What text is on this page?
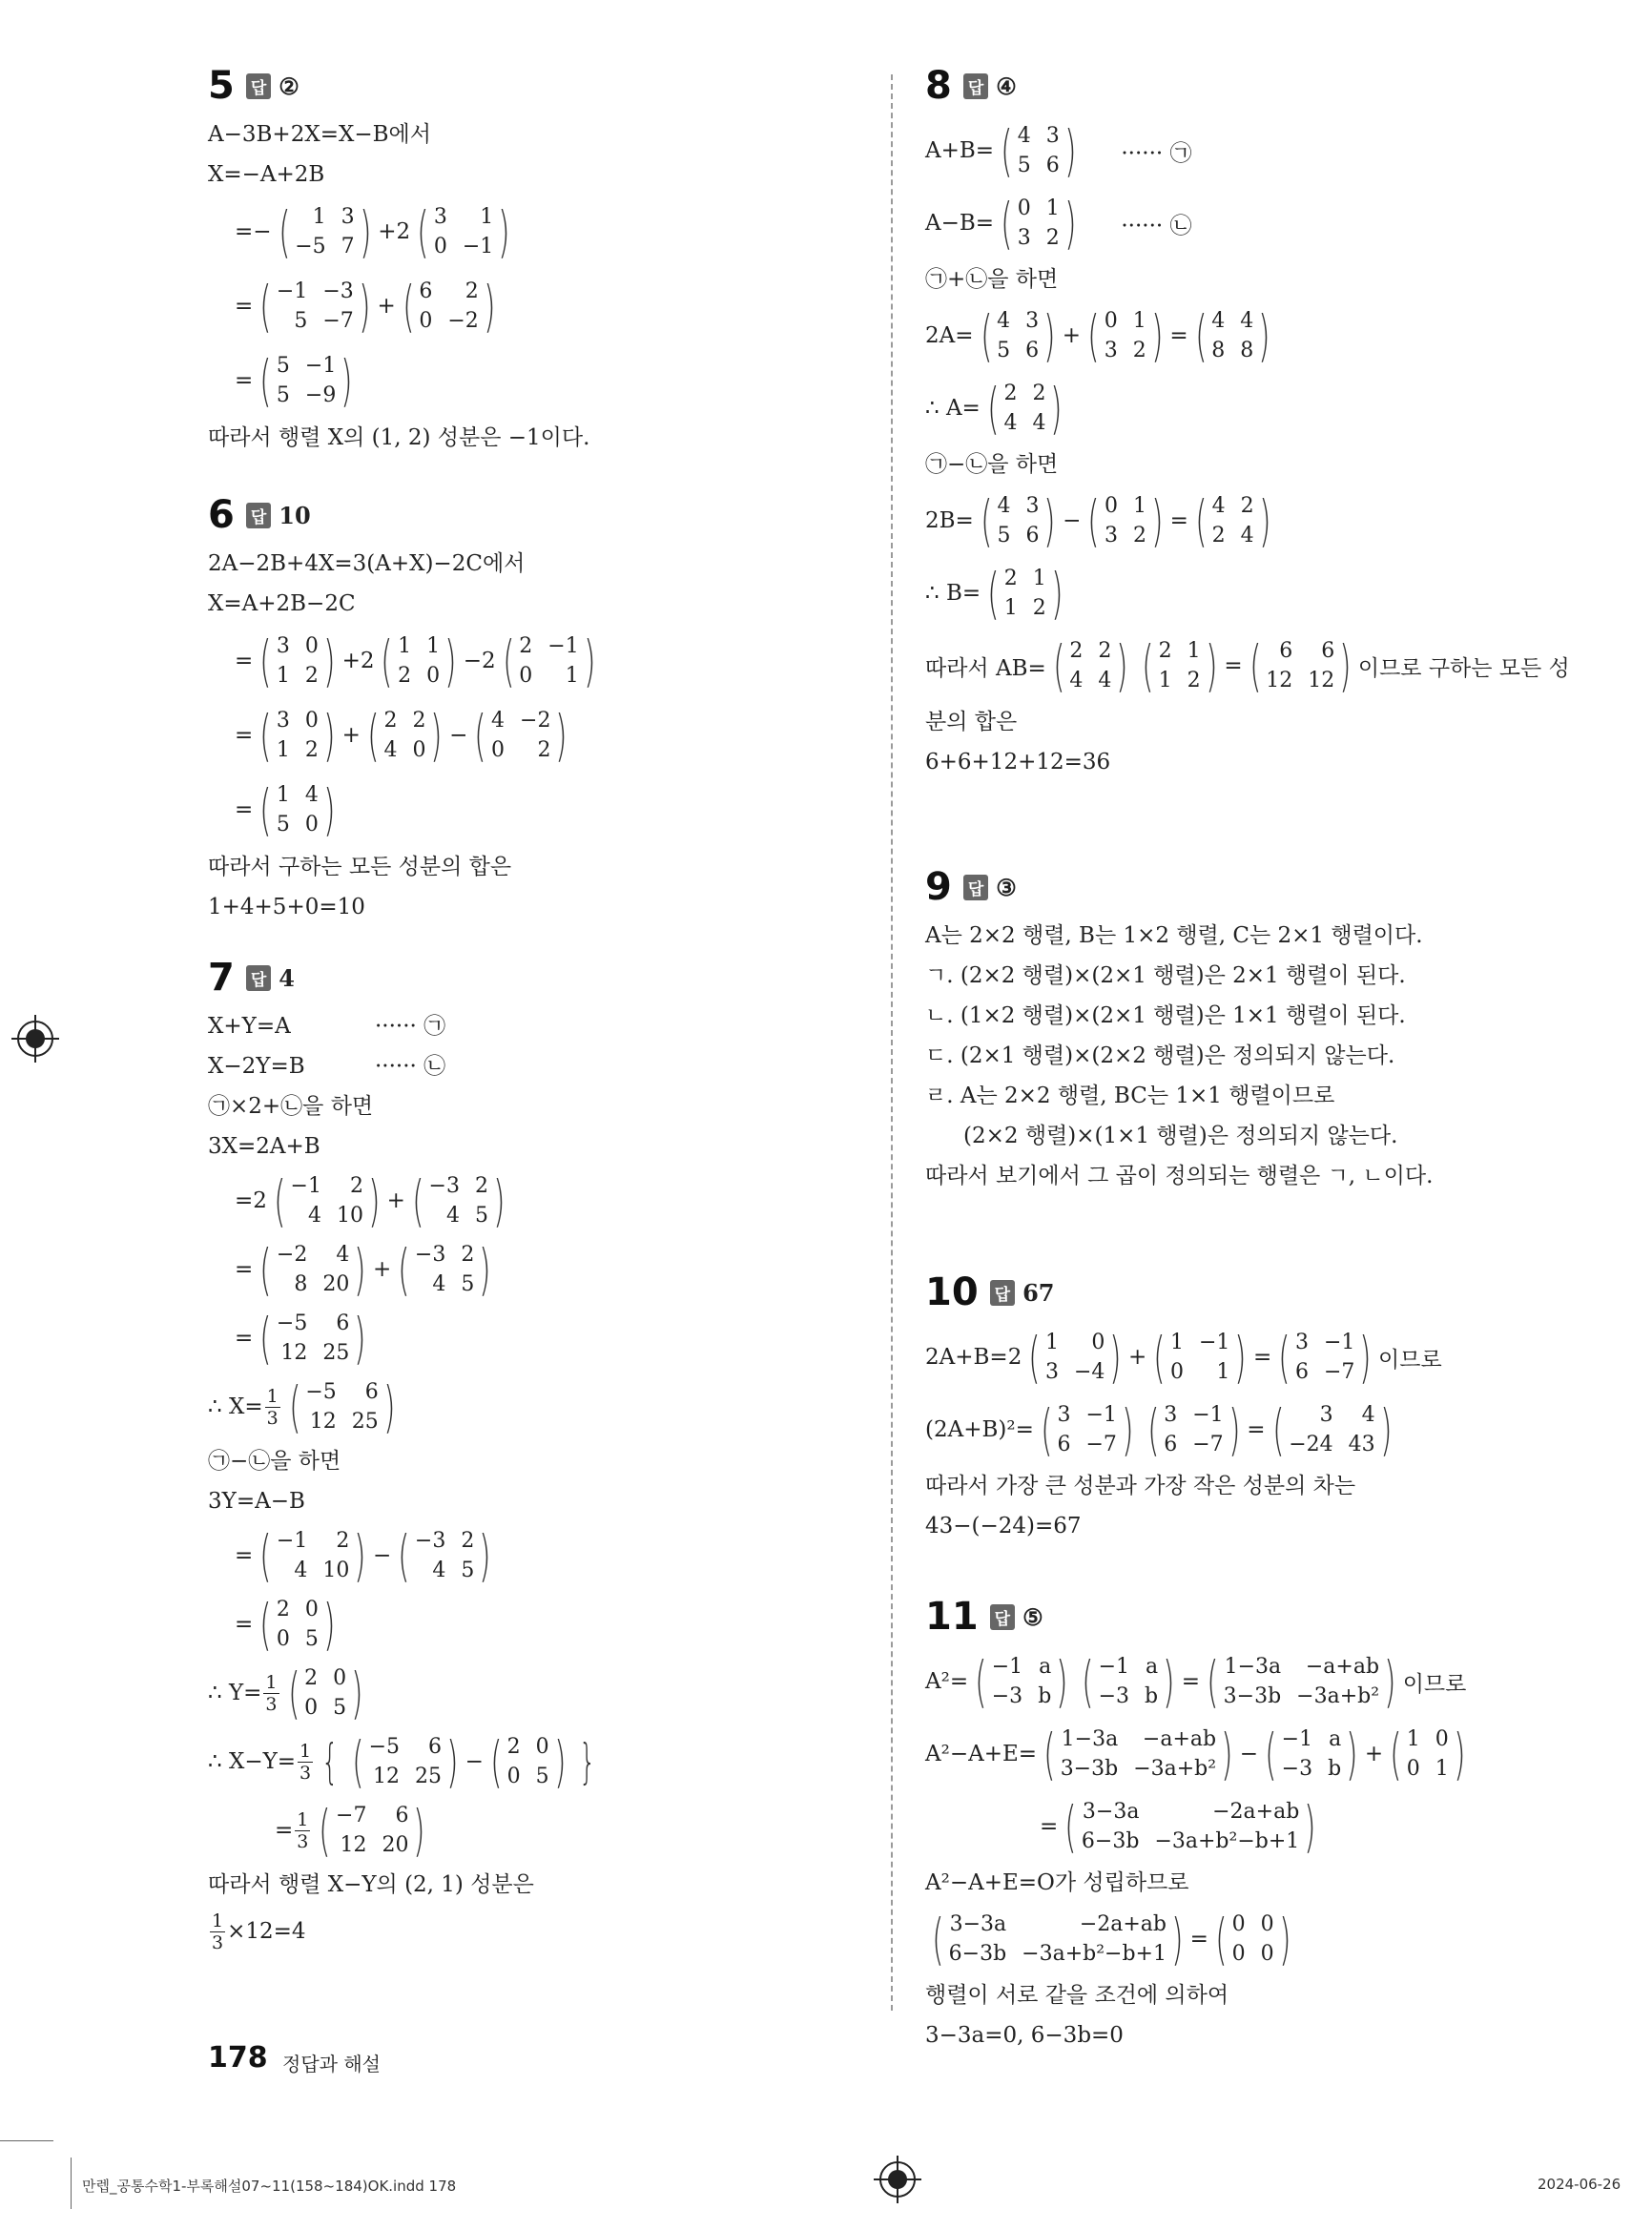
5 답 ②
A−3B+2X=X−B에서
X=−A+2B
=− (	1 3
−5 7 ) +2 ( 3	1
0 −1 )
= ( −1 −3
5 −7 ) + ( 6	2
0 −2 )
= ( 5 −1
5 −9 )
따라서 행렬 X의 (1, 2) 성분은 −1이다.
6 답 10
2A−2B+4X=3(A+X)−2C에서
X=A+2B−2C
= ( 3 0
1 2 ) +2 ( 1 1
2 0 ) −2 ( 2 −1
0	1 )
= ( 3 0
1 2 ) + ( 2 2
4 0 ) − ( 4 −2
0	2 )
= ( 1 4
5 0 )
따라서 구하는 모든 성분의 합은
1+4+5+0=10
7 답 4
X+Y=A	······ ㉠
X−2Y=B	······ ㉡
㉠×2+㉡을 하면
3X=2A+B
=2 ( −1	2
4 10 ) + ( −3 2
4 5 )
= ( −2	4
8 20 ) + ( −3 2
4 5 )
= ( −5	6
12 25 )
∴ $X= \frac{1}{3}$ ( −5	6
12 25 )
㉠−㉡을 하면
3Y=A−B
= ( −1	2
4 10 ) − ( −3 2
4 5 )
= ( 2 0
0 5 )
∴ $Y= \frac{1}{3}$ ( 2 0
0 5 )
∴ $X-Y= \frac{1}{3}$ { ( −5	6
12 25 ) − ( 2 0
0 5 ) }
= $\frac{1}{3}$ ( −7	6
12 20 )
따라서 행렬 X−Y의 (2, 1) 성분은
$\frac{1}{3} \times 12=4$
8 답 ④
A+B= ( 4 3
5 6 ) ······ ㉠
A−B= ( 0 1
3 2 ) ······ ㉡
㉠+㉡을 하면
2A= ( 4 3
5 6 ) + ( 0 1
3 2 ) = ( 4 4
8 8 )
∴ A= ( 2 2
4 4 )
㉠−㉡을 하면
2B= ( 4 3
5 6 ) − ( 0 1
3 2 ) = ( 4 2
2 4 )
∴ B= ( 2 1
1 2 )
따라서 AB= ( 2 2
4 4 ) ( 2 1
1 2 ) = ( 6	6
12 12 ) 이므로 구하는 모든 성
분의 합은
6+6+12+12=36
9 답 ③
A는 2×2 행렬, B는 1×2 행렬, C는 2×1 행렬이다.
ㄱ. (2×2 행렬)×(2×1 행렬)은 2×1 행렬이 된다.
ㄴ. (1×2 행렬)×(2×1 행렬)은 1×1 행렬이 된다.
ㄷ. (2×1 행렬)×(2×2 행렬)은 정의되지 않는다.
ㄹ. A는 2×2 행렬, BC는 1×1 행렬이므로
(2×2 행렬)×(1×1 행렬)은 정의되지 않는다.
따라서 보기에서 그 곱이 정의되는 행렬은 ㄱ, ㄴ이다.
10 답 67
2A+B=2 ( 1	0
3 −4 ) + ( 1 −1
0	1 ) = ( 3 −1
6 −7 ) 이므로
(2A+B)²= ( 3 −1
6 −7 ) ( 3 −1
6 −7 ) = (	3	4
−24 43 )
따라서 가장 큰 성분과 가장 작은 성분의 차는
43−(−24)=67
11 답 ⑤
A²= ( −1 a
−3 b ) ( −1 a
−3 b ) = ( 1−3a	−a+ab
3−3b −3a+b² ) 이므로
A²−A+E= ( 1−3a	−a+ab
3−3b −3a+b² ) − ( −1 a
−3 b ) + ( 1 0
0 1 )
= ( 3−3a	−2a+ab
6−3b −3a+b²−b+1 )
A²−A+E=O가 성립하므로
( 3−3a	−2a+ab
6−3b −3a+b²−b+1 ) = ( 0 0
0 0 )
행렬이 서로 같을 조건에 의하여
3−3a=0, 6−3b=0
178 정답과 해설
만렙_공통수학1-부록해설07~11(158~184)OK.indd 178	2024-06-26
